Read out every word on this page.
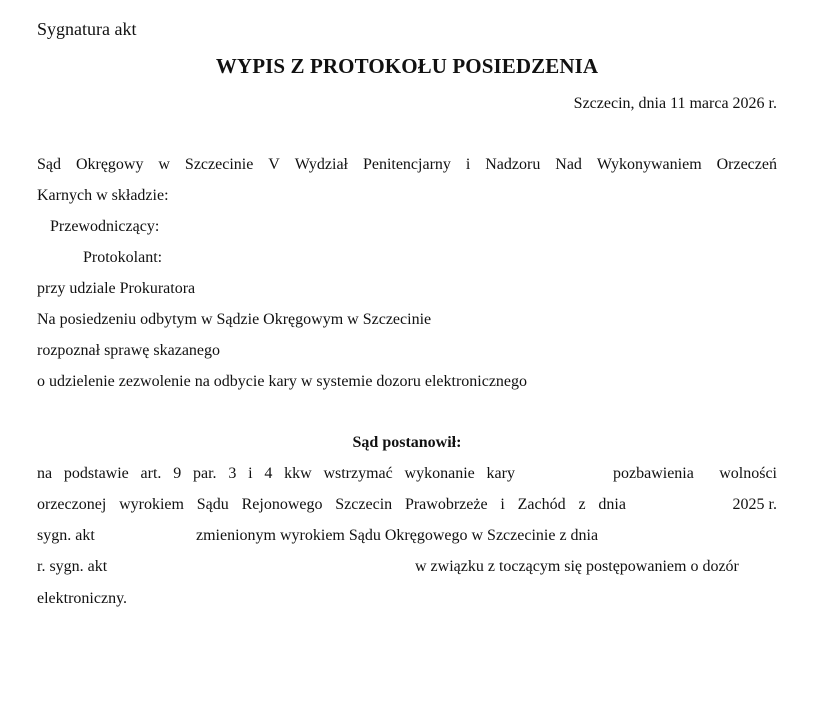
Sygnatura akt
WYPIS Z PROTOKOŁU POSIEDZENIA
Szczecin, dnia 11 marca 2026 r.
Sąd Okręgowy w Szczecinie V Wydział Penitencjarny i Nadzoru Nad Wykonywaniem Orzeczeń
Karnych w składzie:
Przewodniczący:
Protokolant:
przy udziale Prokuratora
Na posiedzeniu odbytym w Sądzie Okręgowym w Szczecinie
rozpoznał sprawę skazanego
o udzielenie zezwolenie na odbycie kary w systemie dozoru elektronicznego
Sąd postanowił:
na podstawie art. 9 par. 3 i 4 kkw wstrzymać wykonanie kary	pozbawienia wolności
orzeczonej wyrokiem Sądu Rejonowego Szczecin Prawobrzeże i Zachód z dnia	2025 r.
sygn. akt	zmienionym wyrokiem Sądu Okręgowego w Szczecinie z dnia
r. sygn. akt	w związku z toczącym się postępowaniem o dozór
elektroniczny.
